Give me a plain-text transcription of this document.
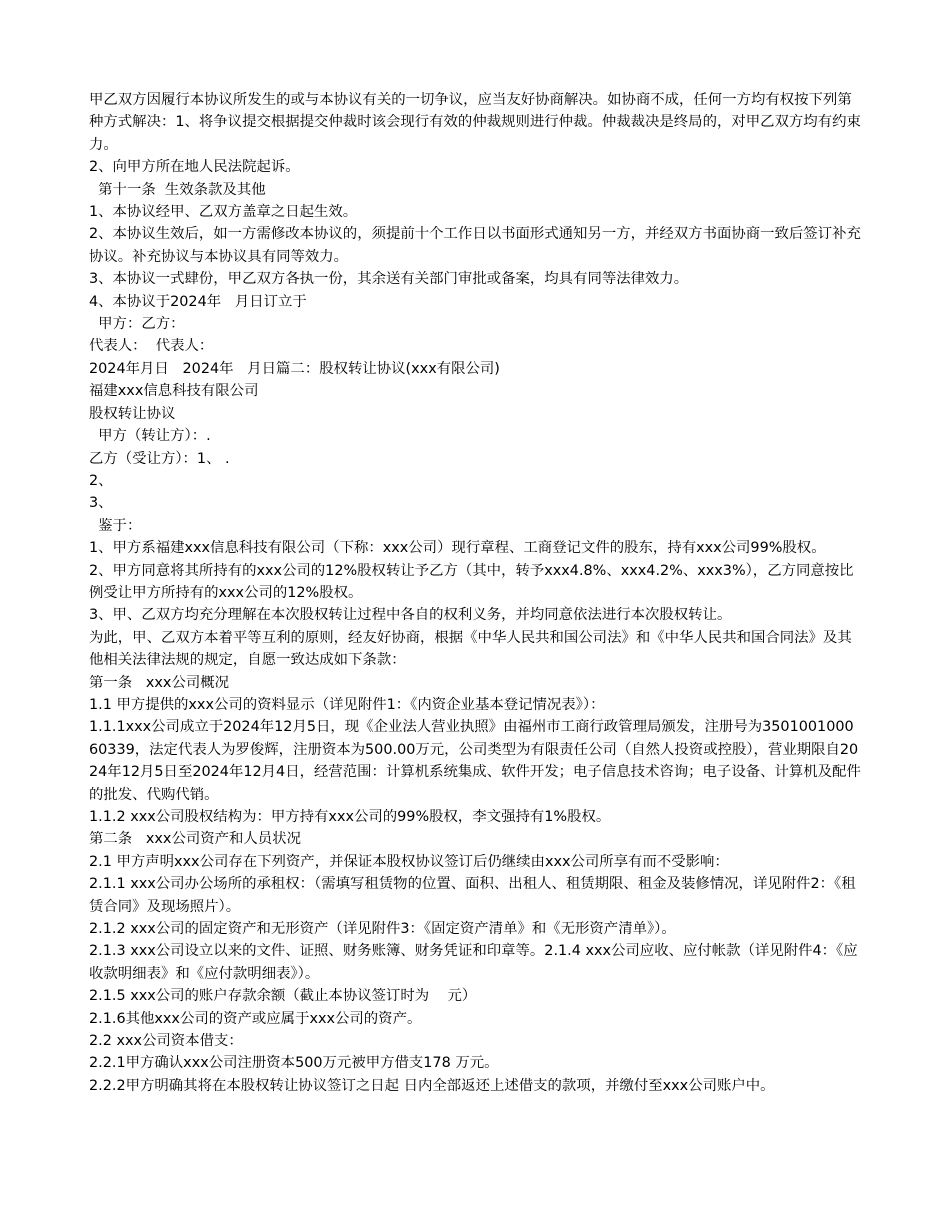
甲乙双方因履行本协议所发生的或与本协议有关的一切争议，应当友好协商解决。如协商不成，任何一方均有权按下列第种方式解决：1、将争议提交根据提交仲裁时该会现行有效的仲裁规则进行仲裁。仲裁裁决是终局的，对甲乙双方均有约束力。

2、向甲方所在地人民法院起诉。

第十一条  生效条款及其他

1、本协议经甲、乙双方盖章之日起生效。

2、本协议生效后，如一方需修改本协议的，须提前十个工作日以书面形式通知另一方，并经双方书面协商一致后签订补充协议。补充协议与本协议具有同等效力。

3、本协议一式肆份，甲乙双方各执一份，其余送有关部门审批或备案，均具有同等法律效力。

4、本协议于2024年   月日订立于

甲方：乙方：

代表人：  代表人：

2024年月日   2024年   月日篇二：股权转让协议(xxx有限公司)

福建xxx信息科技有限公司

股权转让协议

甲方（转让方）：.

乙方（受让方）：1、 .

2、

3、

鉴于：

1、甲方系福建xxx信息科技有限公司（下称：xxx公司）现行章程、工商登记文件的股东，持有xxx公司99%股权。

2、甲方同意将其所持有的xxx公司的12%股权转让予乙方（其中，转予xxx4.8%、xxx4.2%、xxx3%），乙方同意按比例受让甲方所持有的xxx公司的12%股权。

3、甲、乙双方均充分理解在本次股权转让过程中各自的权利义务，并均同意依法进行本次股权转让。

为此，甲、乙双方本着平等互利的原则，经友好协商，根据《中华人民共和国公司法》和《中华人民共和国合同法》及其他相关法律法规的规定，自愿一致达成如下条款：

第一条   xxx公司概况

1.1 甲方提供的xxx公司的资料显示（详见附件1：《内资企业基本登记情况表》）：

1.1.1xxx公司成立于2024年12月5日，现《企业法人营业执照》由福州市工商行政管理局颁发，注册号为350100100060339，法定代表人为罗俊辉，注册资本为500.00万元，公司类型为有限责任公司（自然人投资或控股），营业期限自2024年12月5日至2024年12月4日，经营范围：计算机系统集成、软件开发；电子信息技术咨询；电子设备、计算机及配件的批发、代购代销。

1.1.2 xxx公司股权结构为：甲方持有xxx公司的99%股权，李文强持有1%股权。

第二条   xxx公司资产和人员状况

2.1 甲方声明xxx公司存在下列资产，并保证本股权协议签订后仍继续由xxx公司所享有而不受影响：

2.1.1 xxx公司办公场所的承租权：（需填写租赁物的位置、面积、出租人、租赁期限、租金及装修情况，详见附件2：《租赁合同》及现场照片）。

2.1.2 xxx公司的固定资产和无形资产（详见附件3：《固定资产清单》和《无形资产清单》）。

2.1.3 xxx公司设立以来的文件、证照、财务账簿、财务凭证和印章等。2.1.4 xxx公司应收、应付帐款（详见附件4：《应收款明细表》和《应付款明细表》）。

2.1.5 xxx公司的账户存款余额（截止本协议签订时为    元）

2.1.6其他xxx公司的资产或应属于xxx公司的资产。

2.2 xxx公司资本借支：

2.2.1甲方确认xxx公司注册资本500万元被甲方借支178 万元。

2.2.2甲方明确其将在本股权转让协议签订之日起 日内全部返还上述借支的款项，并缴付至xxx公司账户中。
